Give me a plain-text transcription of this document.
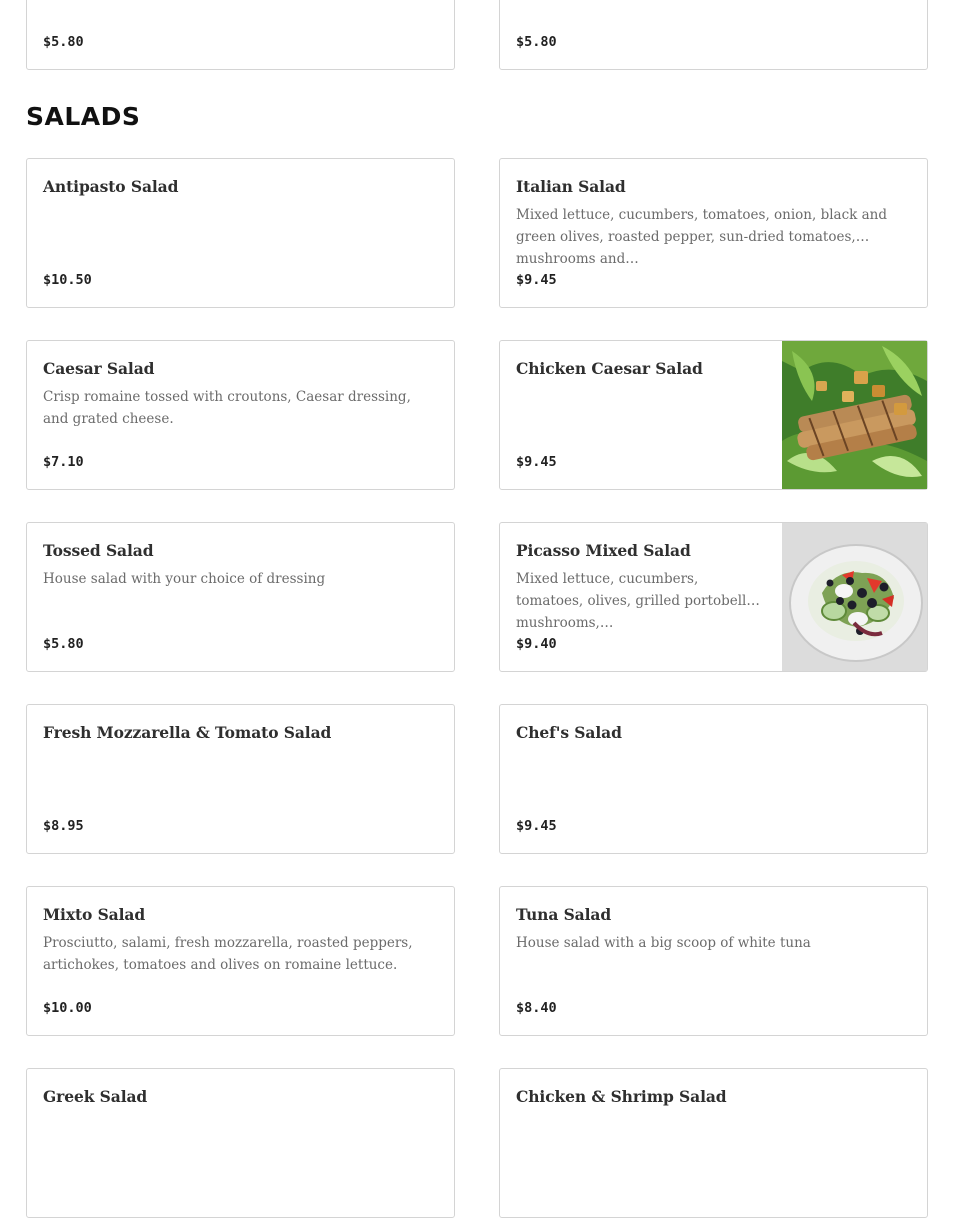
$5.80	$5.80
SALADS
Antipasto Salad
$10.50
Italian Salad
Mixed lettuce, cucumbers, tomatoes, onion, black and green olives, roasted pepper, sun-dried tomatoes, mushrooms and…
$9.45
Caesar Salad
Crisp romaine tossed with croutons, Caesar dressing, and grated cheese.
$7.10
Chicken Caesar Salad
$9.45
Tossed Salad
House salad with your choice of dressing
$5.80
Picasso Mixed Salad
Mixed lettuce, cucumbers, tomatoes, olives, grilled portobello mushrooms,…
$9.40
Fresh Mozzarella & Tomato Salad
$8.95
Chef's Salad
$9.45
Mixto Salad
Prosciutto, salami, fresh mozzarella, roasted peppers, artichokes, tomatoes and olives on romaine lettuce.
$10.00
Tuna Salad
House salad with a big scoop of white tuna
$8.40
Greek Salad	Chicken & Shrimp Salad
